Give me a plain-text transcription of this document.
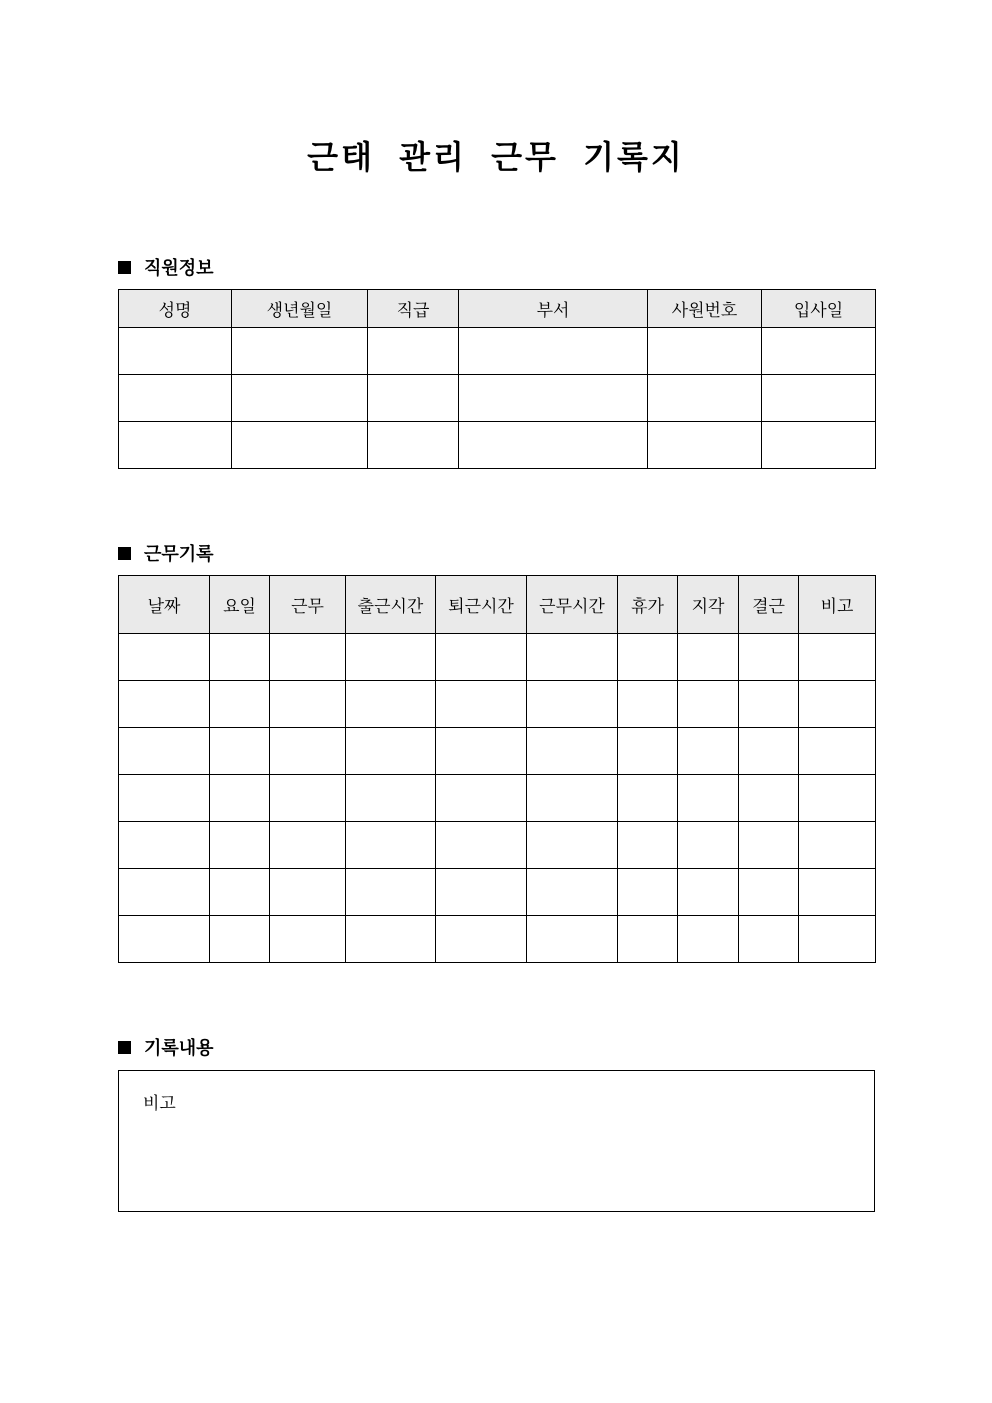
근태 관리 근무 기록지
직원정보
성명	생년월일	직급	부서	사원번호	입사일

근무기록
날짜	요일	근무	출근시간	퇴근시간	근무시간	휴가	지각	결근	비고

기록내용
비고
